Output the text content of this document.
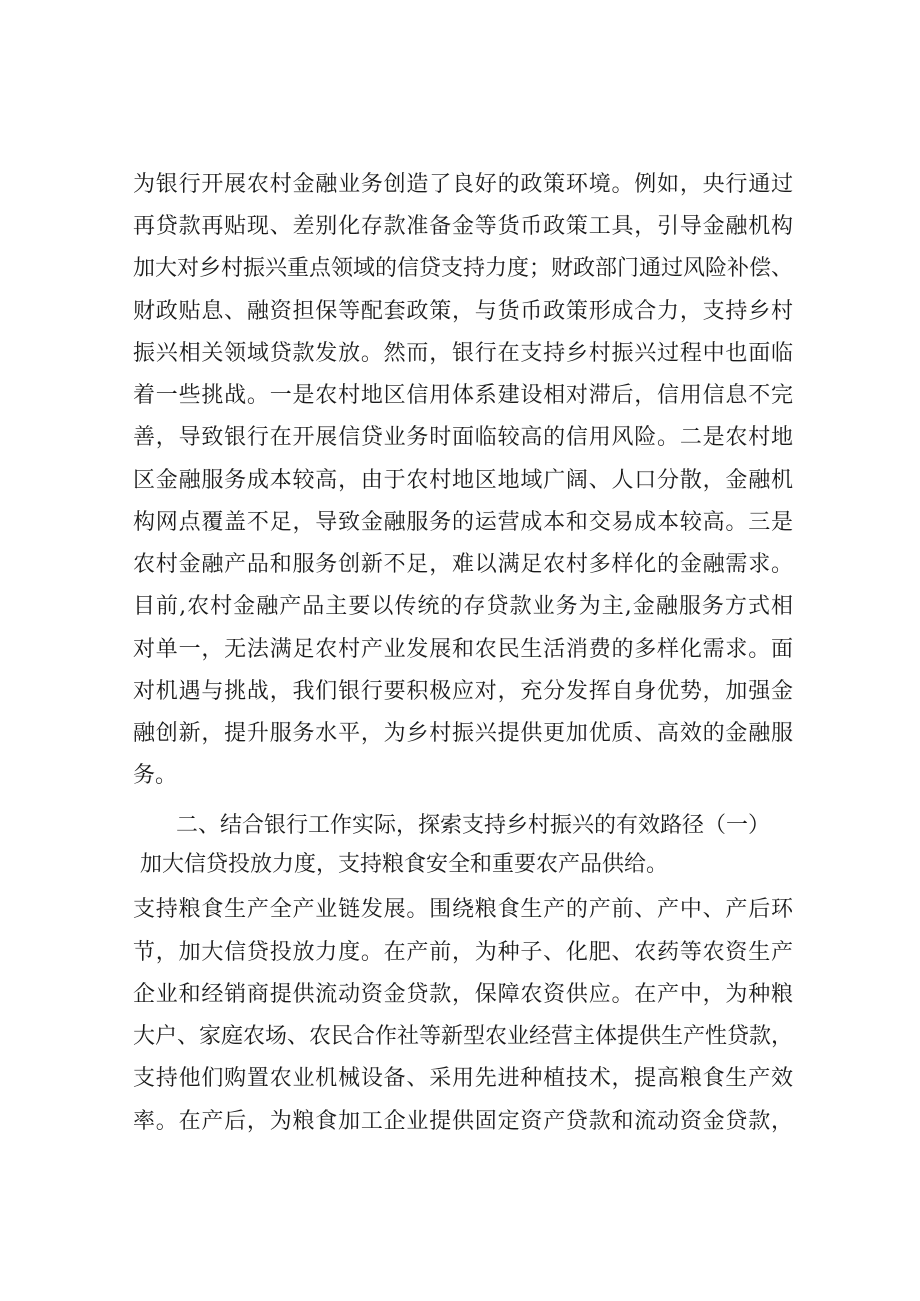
为银行开展农村金融业务创造了良好的政策环境。例如，央行通过
再贷款再贴现、差别化存款准备金等货币政策工具，引导金融机构
加大对乡村振兴重点领域的信贷支持力度；财政部门通过风险补偿、
财政贴息、融资担保等配套政策，与货币政策形成合力，支持乡村
振兴相关领域贷款发放。然而，银行在支持乡村振兴过程中也面临
着一些挑战。一是农村地区信用体系建设相对滞后，信用信息不完
善，导致银行在开展信贷业务时面临较高的信用风险。二是农村地
区金融服务成本较高，由于农村地区地域广阔、人口分散，金融机
构网点覆盖不足，导致金融服务的运营成本和交易成本较高。三是
农村金融产品和服务创新不足，难以满足农村多样化的金融需求。
目前,农村金融产品主要以传统的存贷款业务为主,金融服务方式相
对单一，无法满足农村产业发展和农民生活消费的多样化需求。面
对机遇与挑战，我们银行要积极应对，充分发挥自身优势，加强金
融创新，提升服务水平，为乡村振兴提供更加优质、高效的金融服
务。
二、结合银行工作实际，探索支持乡村振兴的有效路径（一）
加大信贷投放力度，支持粮食安全和重要农产品供给。
支持粮食生产全产业链发展。围绕粮食生产的产前、产中、产后环
节，加大信贷投放力度。在产前，为种子、化肥、农药等农资生产
企业和经销商提供流动资金贷款，保障农资供应。在产中，为种粮
大户、家庭农场、农民合作社等新型农业经营主体提供生产性贷款，
支持他们购置农业机械设备、采用先进种植技术，提高粮食生产效
率。在产后，为粮食加工企业提供固定资产贷款和流动资金贷款，
